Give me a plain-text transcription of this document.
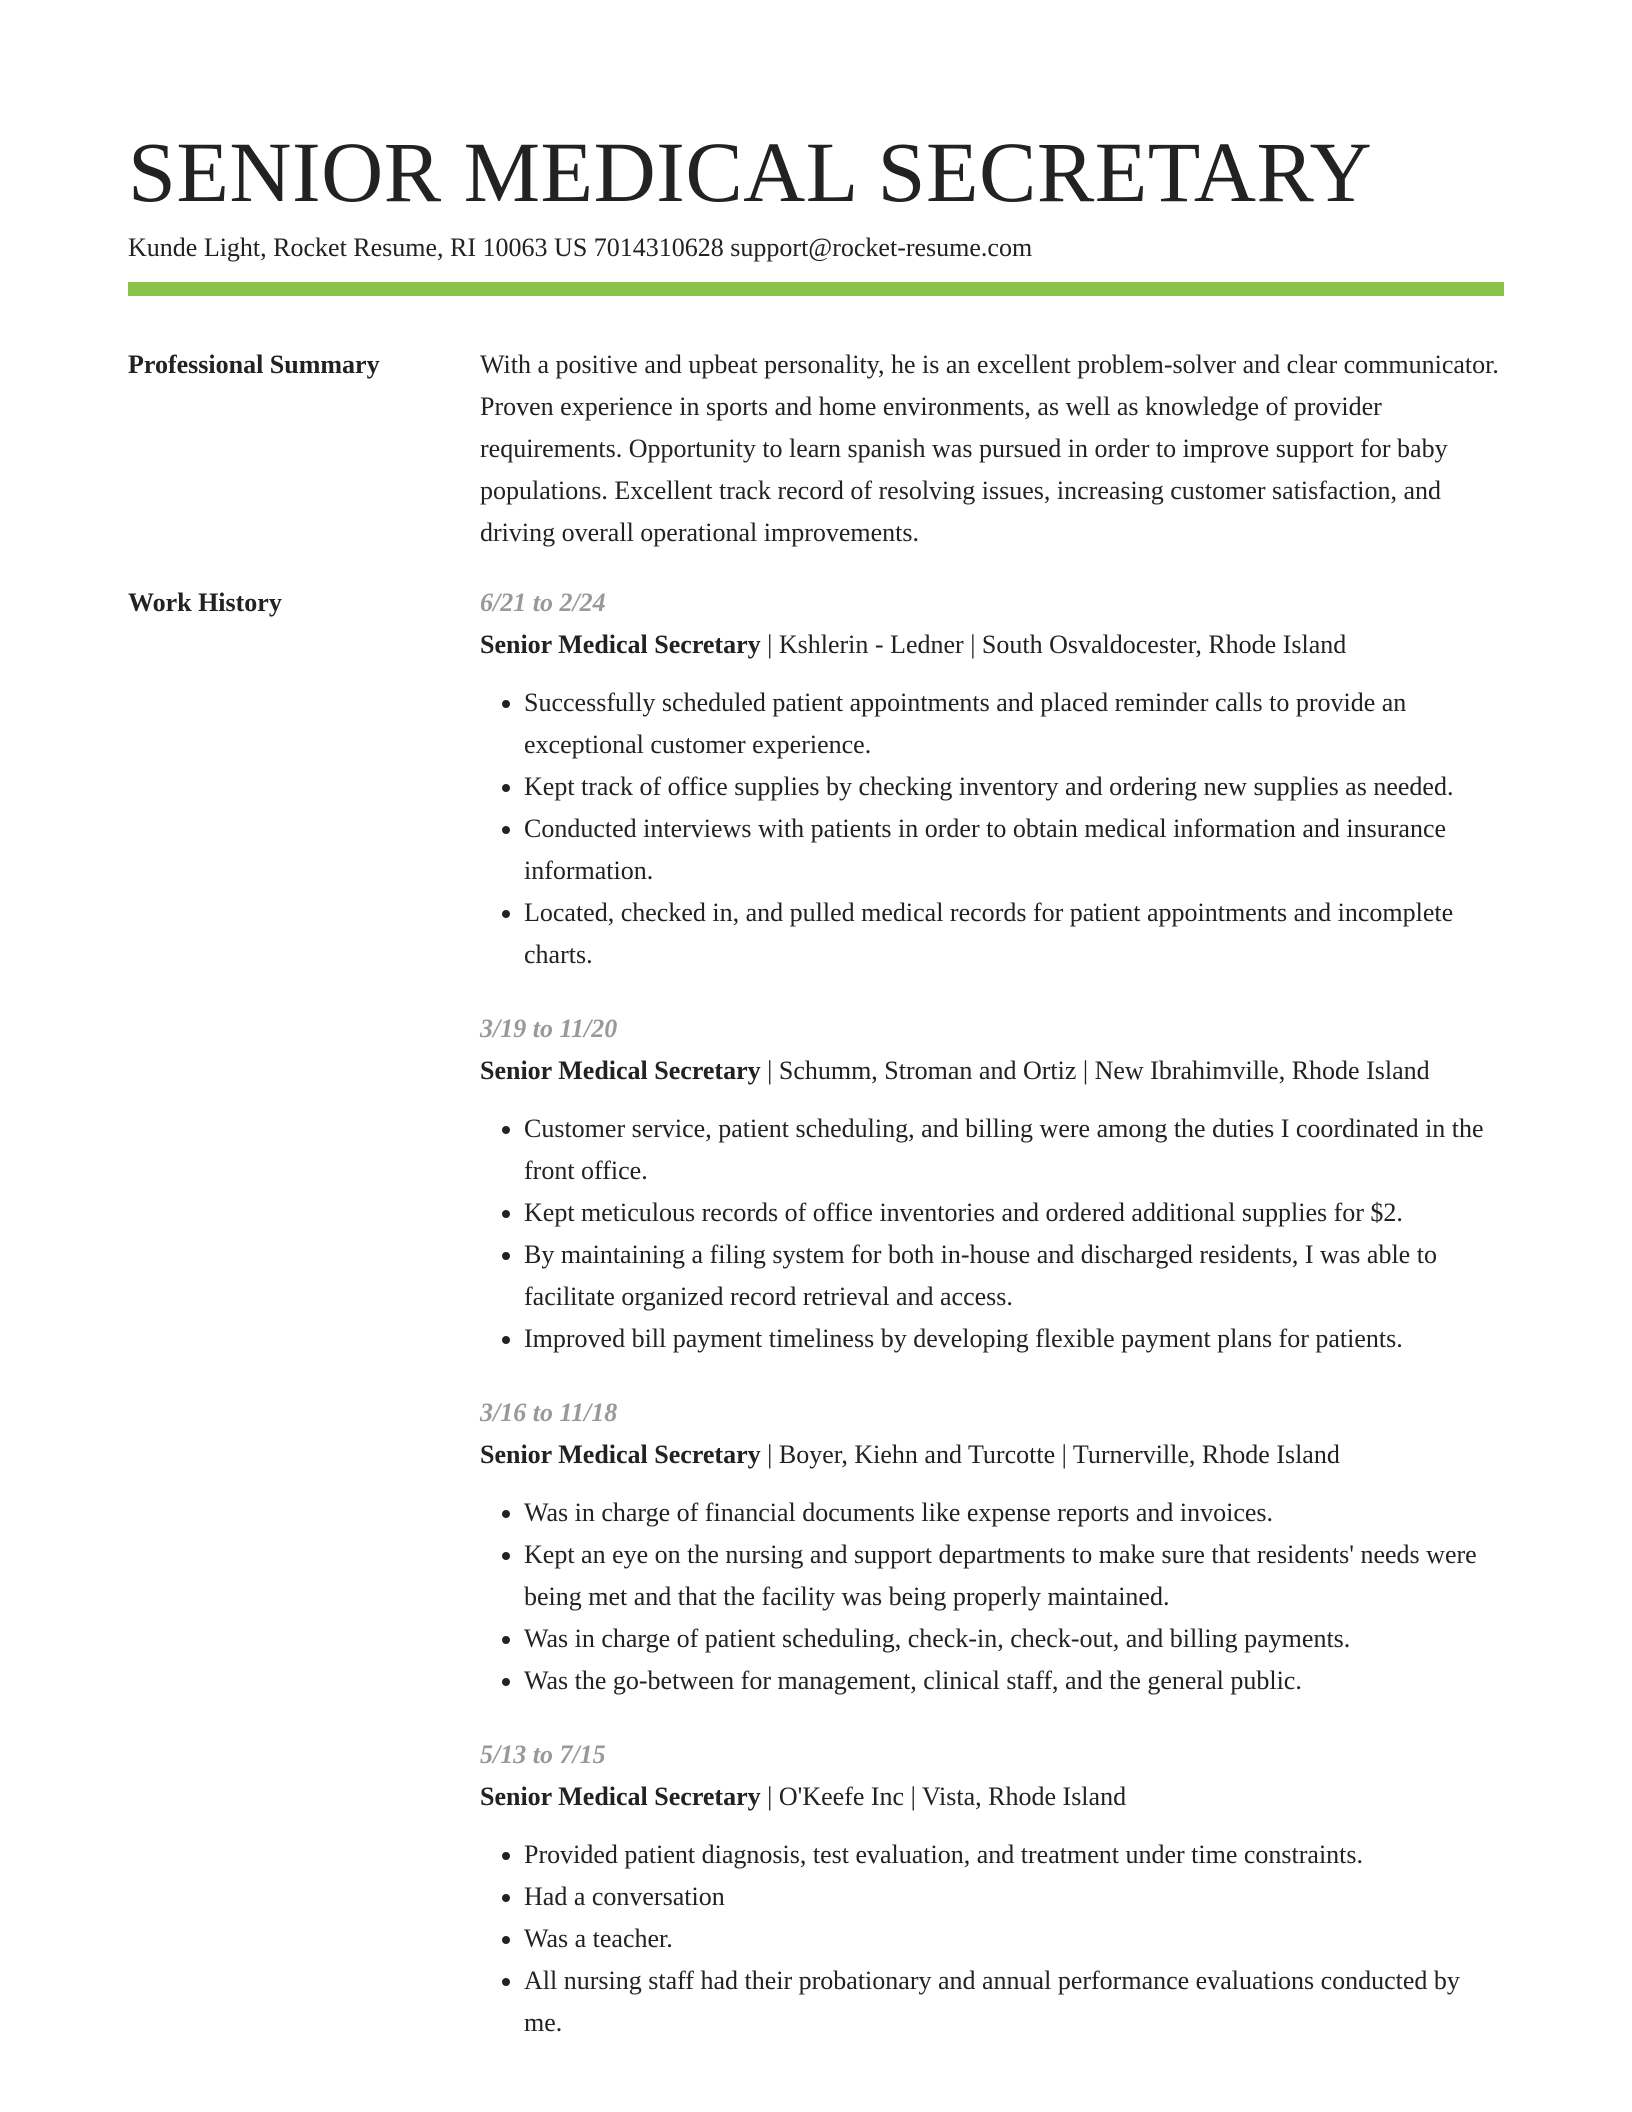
SENIOR MEDICAL SECRETARY
Kunde Light, Rocket Resume, RI 10063 US 7014310628 support@rocket-resume.com
Professional Summary	With a positive and upbeat personality, he is an excellent problem-solver and clear communicator. Proven experience in sports and home environments, as well as knowledge of provider requirements. Opportunity to learn spanish was pursued in order to improve support for baby populations. Excellent track record of resolving issues, increasing customer satisfaction, and driving overall operational improvements.

Work History	6/21 to 2/24
Senior Medical Secretary | Kshlerin - Ledner | South Osvaldocester, Rhode Island
• Successfully scheduled patient appointments and placed reminder calls to provide an exceptional customer experience.
• Kept track of office supplies by checking inventory and ordering new supplies as needed.
• Conducted interviews with patients in order to obtain medical information and insurance information.
• Located, checked in, and pulled medical records for patient appointments and incomplete charts.
3/19 to 11/20
Senior Medical Secretary | Schumm, Stroman and Ortiz | New Ibrahimville, Rhode Island
• Customer service, patient scheduling, and billing were among the duties I coordinated in the front office.
• Kept meticulous records of office inventories and ordered additional supplies for $2.
• By maintaining a filing system for both in-house and discharged residents, I was able to facilitate organized record retrieval and access.
• Improved bill payment timeliness by developing flexible payment plans for patients.
3/16 to 11/18
Senior Medical Secretary | Boyer, Kiehn and Turcotte | Turnerville, Rhode Island
• Was in charge of financial documents like expense reports and invoices.
• Kept an eye on the nursing and support departments to make sure that residents' needs were being met and that the facility was being properly maintained.
• Was in charge of patient scheduling, check-in, check-out, and billing payments.
• Was the go-between for management, clinical staff, and the general public.
5/13 to 7/15
Senior Medical Secretary | O'Keefe Inc | Vista, Rhode Island
• Provided patient diagnosis, test evaluation, and treatment under time constraints.
• Had a conversation
• Was a teacher.
• All nursing staff had their probationary and annual performance evaluations conducted by me.
